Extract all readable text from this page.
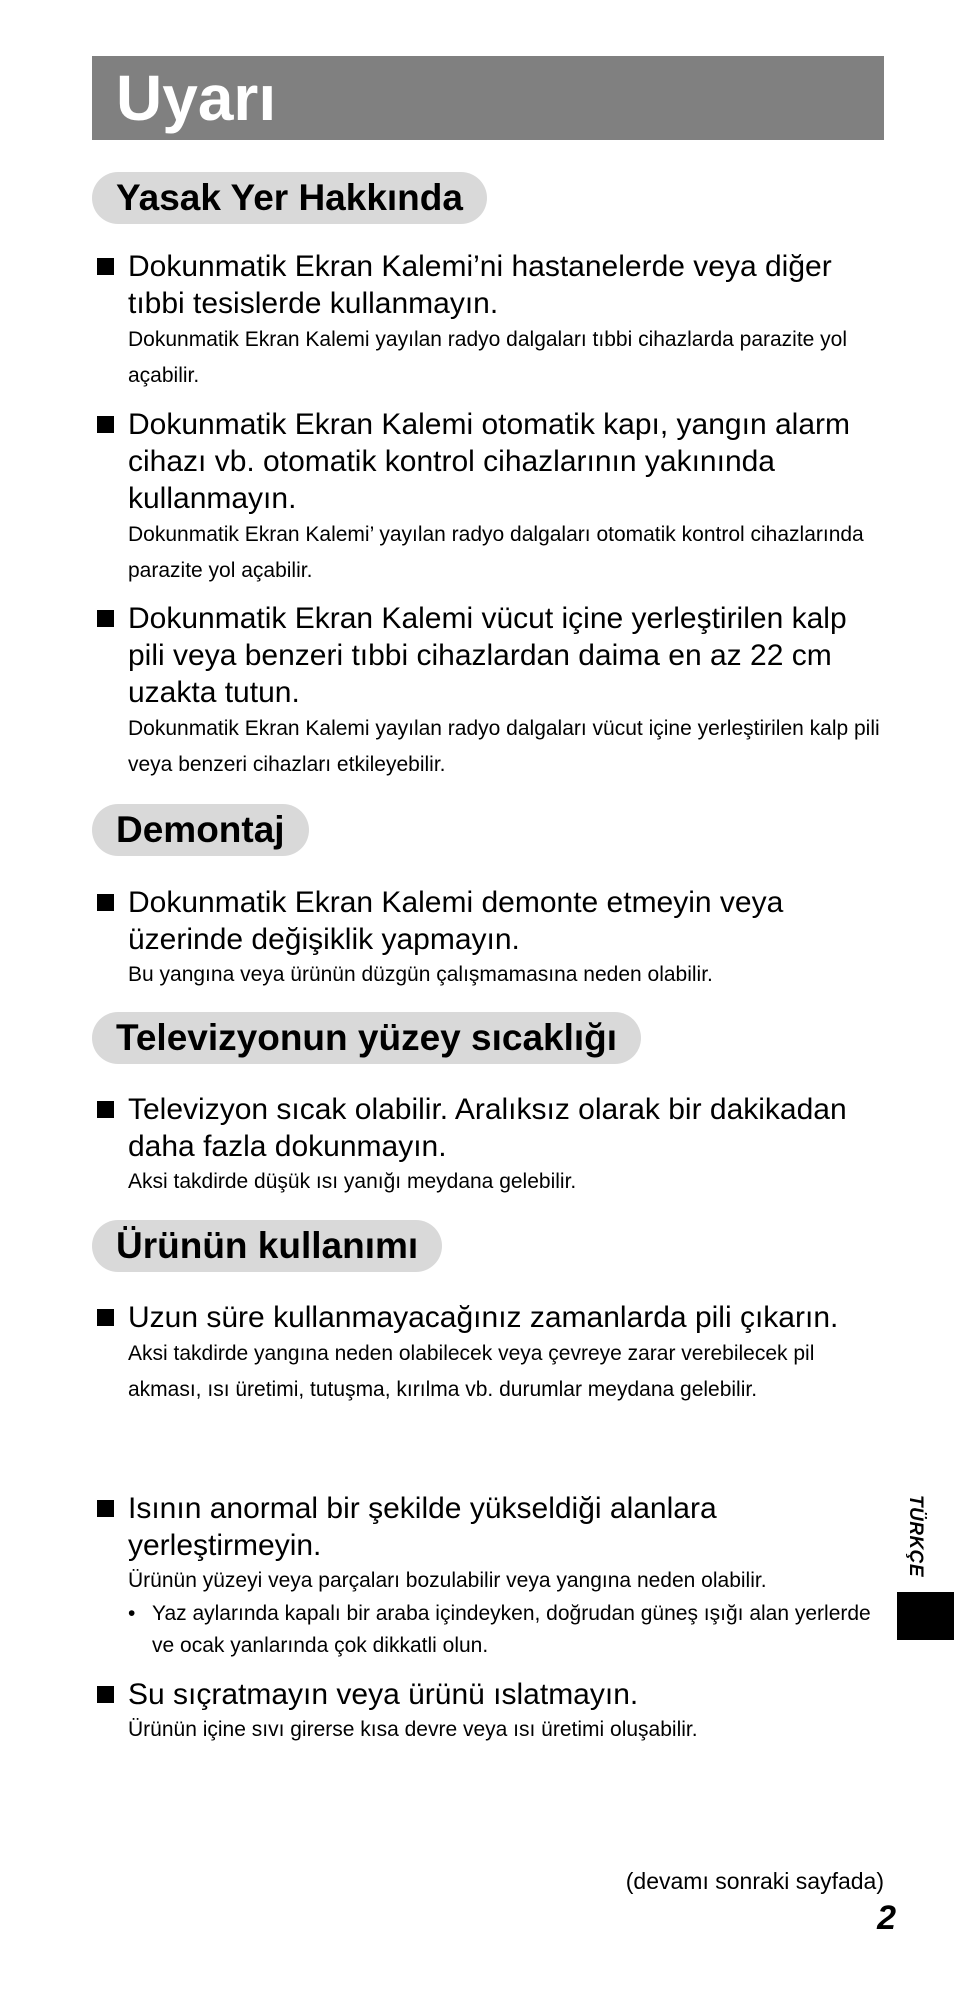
Uyarı
Yasak Yer Hakkında
Dokunmatik Ekran Kalemi’ni hastanelerde veya diğer tıbbi tesislerde kullanmayın.
Dokunmatik Ekran Kalemi yayılan radyo dalgaları tıbbi cihazlarda parazite yol açabilir.
Dokunmatik Ekran Kalemi otomatik kapı, yangın alarm cihazı vb. otomatik kontrol cihazlarının yakınında kullanmayın.
Dokunmatik Ekran Kalemi’ yayılan radyo dalgaları otomatik kontrol cihazlarında parazite yol açabilir.
Dokunmatik Ekran Kalemi vücut içine yerleştirilen kalp pili veya benzeri tıbbi cihazlardan daima en az 22 cm uzakta tutun.
Dokunmatik Ekran Kalemi yayılan radyo dalgaları vücut içine yerleştirilen kalp pili veya benzeri cihazları etkileyebilir.
Demontaj
Dokunmatik Ekran Kalemi demonte etmeyin veya üzerinde değişiklik yapmayın.
Bu yangına veya ürünün düzgün çalışmamasına neden olabilir.
Televizyonun yüzey sıcaklığı
Televizyon sıcak olabilir. Aralıksız olarak bir dakikadan daha fazla dokunmayın.
Aksi takdirde düşük ısı yanığı meydana gelebilir.
Ürünün kullanımı
Uzun süre kullanmayacağınız zamanlarda pili çıkarın.
Aksi takdirde yangına neden olabilecek veya çevreye zarar verebilecek pil akması, ısı üretimi, tutuşma, kırılma vb. durumlar meydana gelebilir.
Isının anormal bir şekilde yükseldiği alanlara yerleştirmeyin.
Ürünün yüzeyi veya parçaları bozulabilir veya yangına neden olabilir.
• Yaz aylarında kapalı bir araba içindeyken, doğrudan güneş ışığı alan yerlerde ve ocak yanlarında çok dikkatli olun.
Su sıçratmayın veya ürünü ıslatmayın.
Ürünün içine sıvı girerse kısa devre veya ısı üretimi oluşabilir.
TÜRKÇE
(devamı sonraki sayfada)
2
